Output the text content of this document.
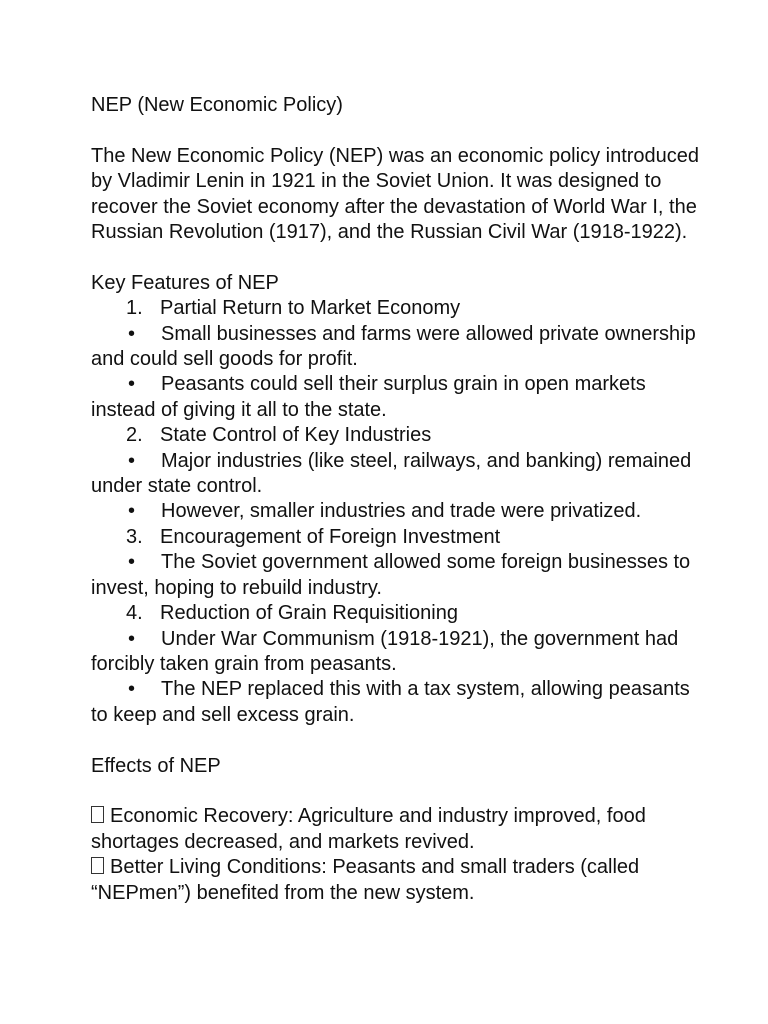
NEP (New Economic Policy)

The New Economic Policy (NEP) was an economic policy introduced by Vladimir Lenin in 1921 in the Soviet Union. It was designed to recover the Soviet economy after the devastation of World War I, the Russian Revolution (1917), and the Russian Civil War (1918-1922).

Key Features of NEP

1. Partial Return to Market Economy

• Small businesses and farms were allowed private ownership and could sell goods for profit.

• Peasants could sell their surplus grain in open markets instead of giving it all to the state.

2. State Control of Key Industries

• Major industries (like steel, railways, and banking) remained under state control.

• However, smaller industries and trade were privatized.

3. Encouragement of Foreign Investment

• The Soviet government allowed some foreign businesses to invest, hoping to rebuild industry.

4. Reduction of Grain Requisitioning

• Under War Communism (1918-1921), the government had forcibly taken grain from peasants.

• The NEP replaced this with a tax system, allowing peasants to keep and sell excess grain.

Effects of NEP

Economic Recovery: Agriculture and industry improved, food shortages decreased, and markets revived.

Better Living Conditions: Peasants and small traders (called “NEPmen”) benefited from the new system.
